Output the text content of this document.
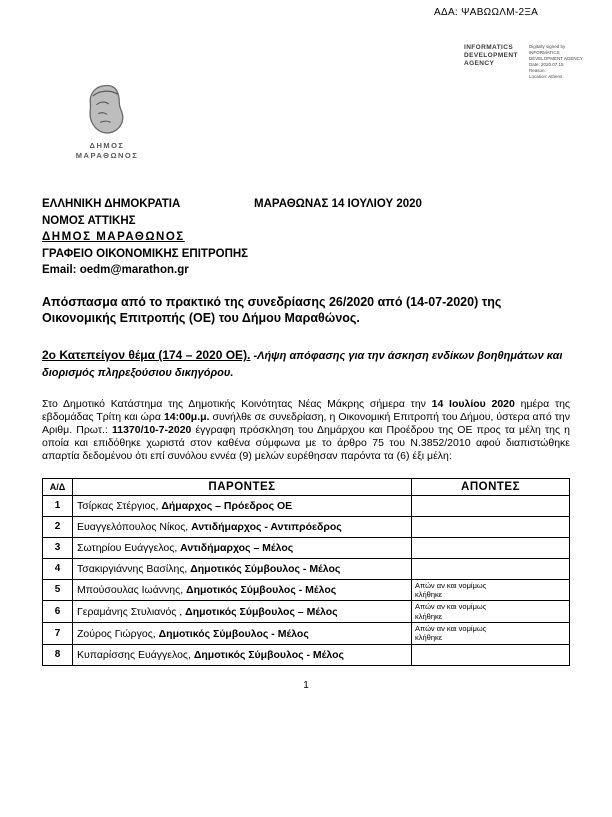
ΑΔΑ: ΨΑΒΩΩΛΜ-2ΞΑ
INFORMATICS DEVELOPMENT AGENCY
Digitally signed by
INFORMATICS DEVELOPMENT AGENCY
Date: 2020.07.15
Reason:
Location: Athens
ΔΗΜΟΣ
ΜΑΡΑΘΩΝΟΣ
ΕΛΛΗΝΙΚΗ ΔΗΜΟΚΡΑΤΙΑ	ΜΑΡΑΘΩΝΑΣ 14 ΙΟΥΛΙΟΥ 2020
ΝΟΜΟΣ ΑΤΤΙΚΗΣ
ΔΗΜΟΣ ΜΑΡΑΘΩΝΟΣ
ΓΡΑΦΕΙΟ ΟΙΚΟΝΟΜΙΚΗΣ ΕΠΙΤΡΟΠΗΣ
Email: oedm@marathon.gr

Απόσπασμα από το πρακτικό της συνεδρίασης 26/2020 από (14-07-2020) της Οικονομικής Επιτροπής (ΟΕ) του Δήμου Μαραθώνος.

2ο Κατεπείγον θέμα (174 – 2020 ΟΕ). -Λήψη απόφασης για την άσκηση ενδίκων βοηθημάτων και διορισμός πληρεξούσιου δικηγόρου.

Στο Δημοτικό Κατάστημα της Δημοτικής Κοινότητας Νέας Μάκρης σήμερα την 14 Ιουλίου 2020 ημέρα της εβδομάδας Τρίτη και ώρα 14:00μ.μ. συνήλθε σε συνεδρίαση, η Οικονομική Επιτροπή του Δήμου, ύστερα από την Αριθμ. Πρωτ.: 11370/10-7-2020 έγγραφη πρόσκληση του Δημάρχου και Προέδρου της ΟΕ προς τα μέλη της η οποία και επιδόθηκε χωριστά στον καθένα σύμφωνα με το άρθρο 75 του Ν.3852/2010 αφού διαπιστώθηκε απαρτία δεδομένου ότι επί συνόλου εννέα (9) μελών ευρέθησαν παρόντα τα (6) έξι μέλη:

Α/Δ	ΠΑΡΟΝΤΕΣ	ΑΠΟΝΤΕΣ
1	Τσίρκας Στέργιος, Δήμαρχος – Πρόεδρος ΟΕ	
2	Ευαγγελόπουλος Νίκος, Αντιδήμαρχος - Αντιπρόεδρος	
3	Σωτηρίου Ευάγγελος, Αντιδήμαρχος – Μέλος	
4	Τσακιργιάννης Βασίλης, Δημοτικός Σύμβουλος - Μέλος	
5	Μπούσουλας Ιωάννης, Δημοτικός Σύμβουλος - Μέλος	Απών αν και νομίμως κλήθηκε
6	Γεραμάνης Στυλιανός , Δημοτικός Σύμβουλος – Μέλος	Απών αν και νομίμως κλήθηκε
7	Ζούρος Γιώργος, Δημοτικός Σύμβουλος - Μέλος	Απών αν και νομίμως κλήθηκε
8	Κυπαρίσσης Ευάγγελος, Δημοτικός Σύμβουλος - Μέλος	
1
